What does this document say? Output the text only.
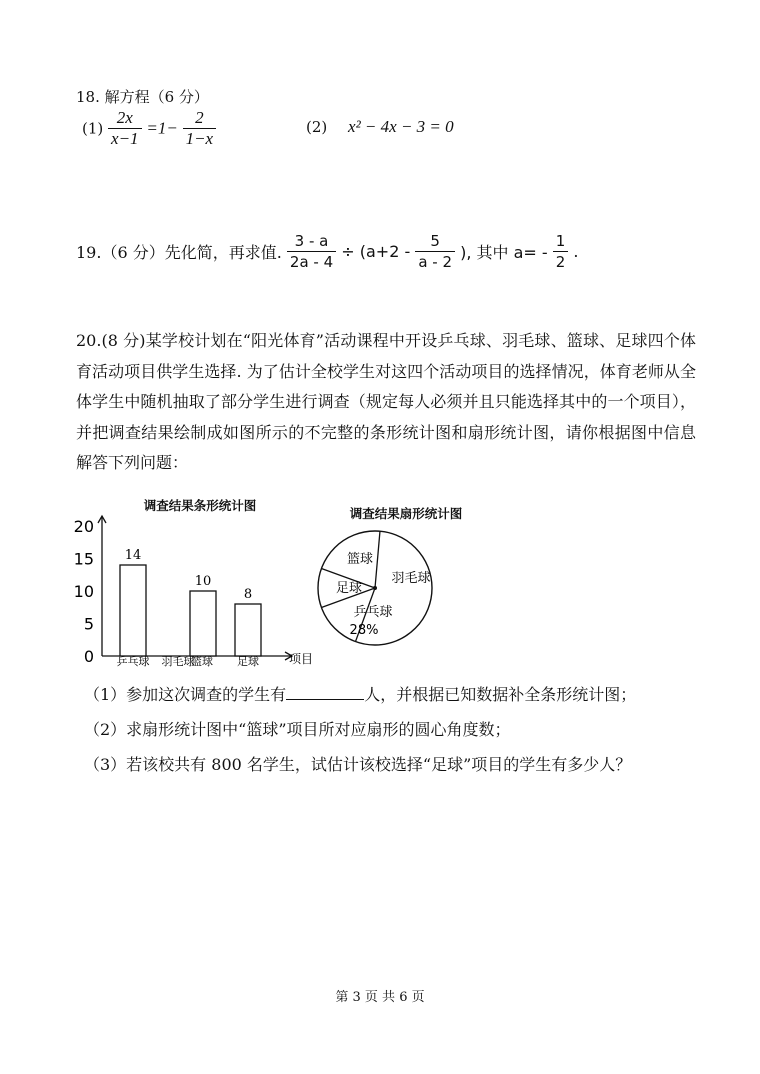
18. 解方程（6 分）
$(1) \frac{2x}{x-1} =1- \frac{2}{1-x}$	(2) x² − 4x − 3 = 0
19.（6 分）先化简，再求值. $\frac{3 - a}{2a - 4} \div (a+2 - \frac{5}{a - 2}$ ), 其中 $a= - \frac{1}{2}$ .
20.(8 分)某学校计划在“阳光体育”活动课程中开设乒乓球、羽毛球、篮球、足球四个体育活动项目供学生选择. 为了估计全校学生对这四个活动项目的选择情况，体育老师从全体学生中随机抽取了部分学生进行调查（规定每人必须并且只能选择其中的一个项目），并把调查结果绘制成如图所示的不完整的条形统计图和扇形统计图，请你根据图中信息解答下列问题：
调查结果条形统计图
项目
0
5
10
15
20
14
10
8
乒乓球 羽毛球
篮球 足球
调查结果扇形统计图
篮球
羽毛球
乒乓球
足球
28%
（1）参加这次调查的学生有	人，并根据已知数据补全条形统计图；
（2）求扇形统计图中“篮球”项目所对应扇形的圆心角度数；
（3）若该校共有 800 名学生，试估计该校选择“足球”项目的学生有多少人？
第 3 页 共 6 页
